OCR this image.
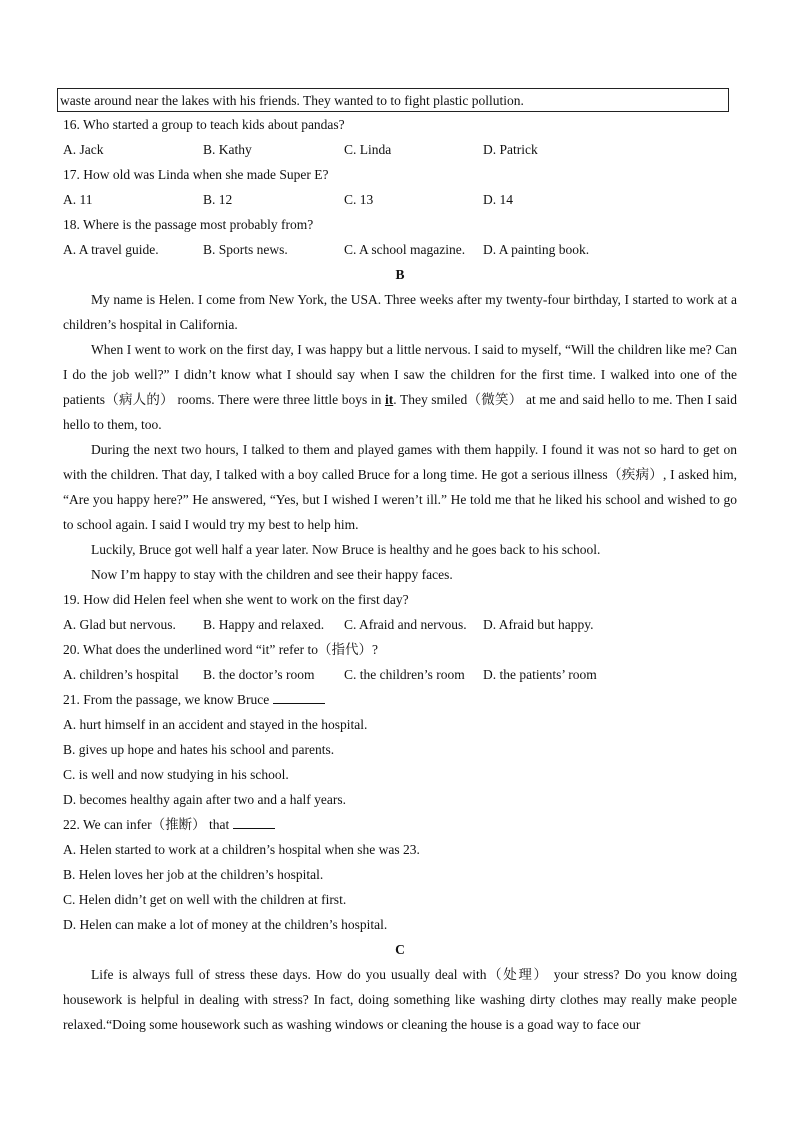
waste around near the lakes with his friends. They wanted to to fight plastic pollution.
16. Who started a group to teach kids about pandas?
A. Jack	B. Kathy	C. Linda	D. Patrick
17. How old was Linda when she made Super E?
A. 11	B. 12	C. 13	D. 14
18. Where is the passage most probably from?
A. A travel guide.	B. Sports news.	C. A school magazine.	D. A painting book.
B

My name is Helen. I come from New York, the USA. Three weeks after my twenty-four birthday, I started to work at a children’s hospital in California.

When I went to work on the first day, I was happy but a little nervous. I said to myself, “Will the children like me? Can I do the job well?” I didn’t know what I should say when I saw the children for the first time. I walked into one of the patients（病人的） rooms. There were three little boys in it. They smiled（微笑） at me and said hello to me. Then I said hello to them, too.

During the next two hours, I talked to them and played games with them happily. I found it was not so hard to get on with the children. That day, I talked with a boy called Bruce for a long time. He got a serious illness（疾病）, I asked him, “Are you happy here?” He answered, “Yes, but I wished I weren’t ill.” He told me that he liked his school and wished to go to school again. I said I would try my best to help him.

Luckily, Bruce got well half a year later. Now Bruce is healthy and he goes back to his school.

Now I’m happy to stay with the children and see their happy faces.

19. How did Helen feel when she went to work on the first day?
A. Glad but nervous.	B. Happy and relaxed.	C. Afraid and nervous.	D. Afraid but happy.
20. What does the underlined word “it” refer to（指代）?
A. children’s hospital	B. the doctor’s room	C. the children’s room	D. the patients’ room
21. From the passage, we know Bruce
A. hurt himself in an accident and stayed in the hospital.
B. gives up hope and hates his school and parents.
C. is well and now studying in his school.
D. becomes healthy again after two and a half years.
22. We can infer（推断） that
A. Helen started to work at a children’s hospital when she was 23.
B. Helen loves her job at the children’s hospital.
C. Helen didn’t get on well with the children at first.
D. Helen can make a lot of money at the children’s hospital.
C

Life is always full of stress these days. How do you usually deal with（处理） your stress? Do you know doing housework is helpful in dealing with stress? In fact, doing something like washing dirty clothes may really make people relaxed.“Doing some housework such as washing windows or cleaning the house is a goad way to face our
